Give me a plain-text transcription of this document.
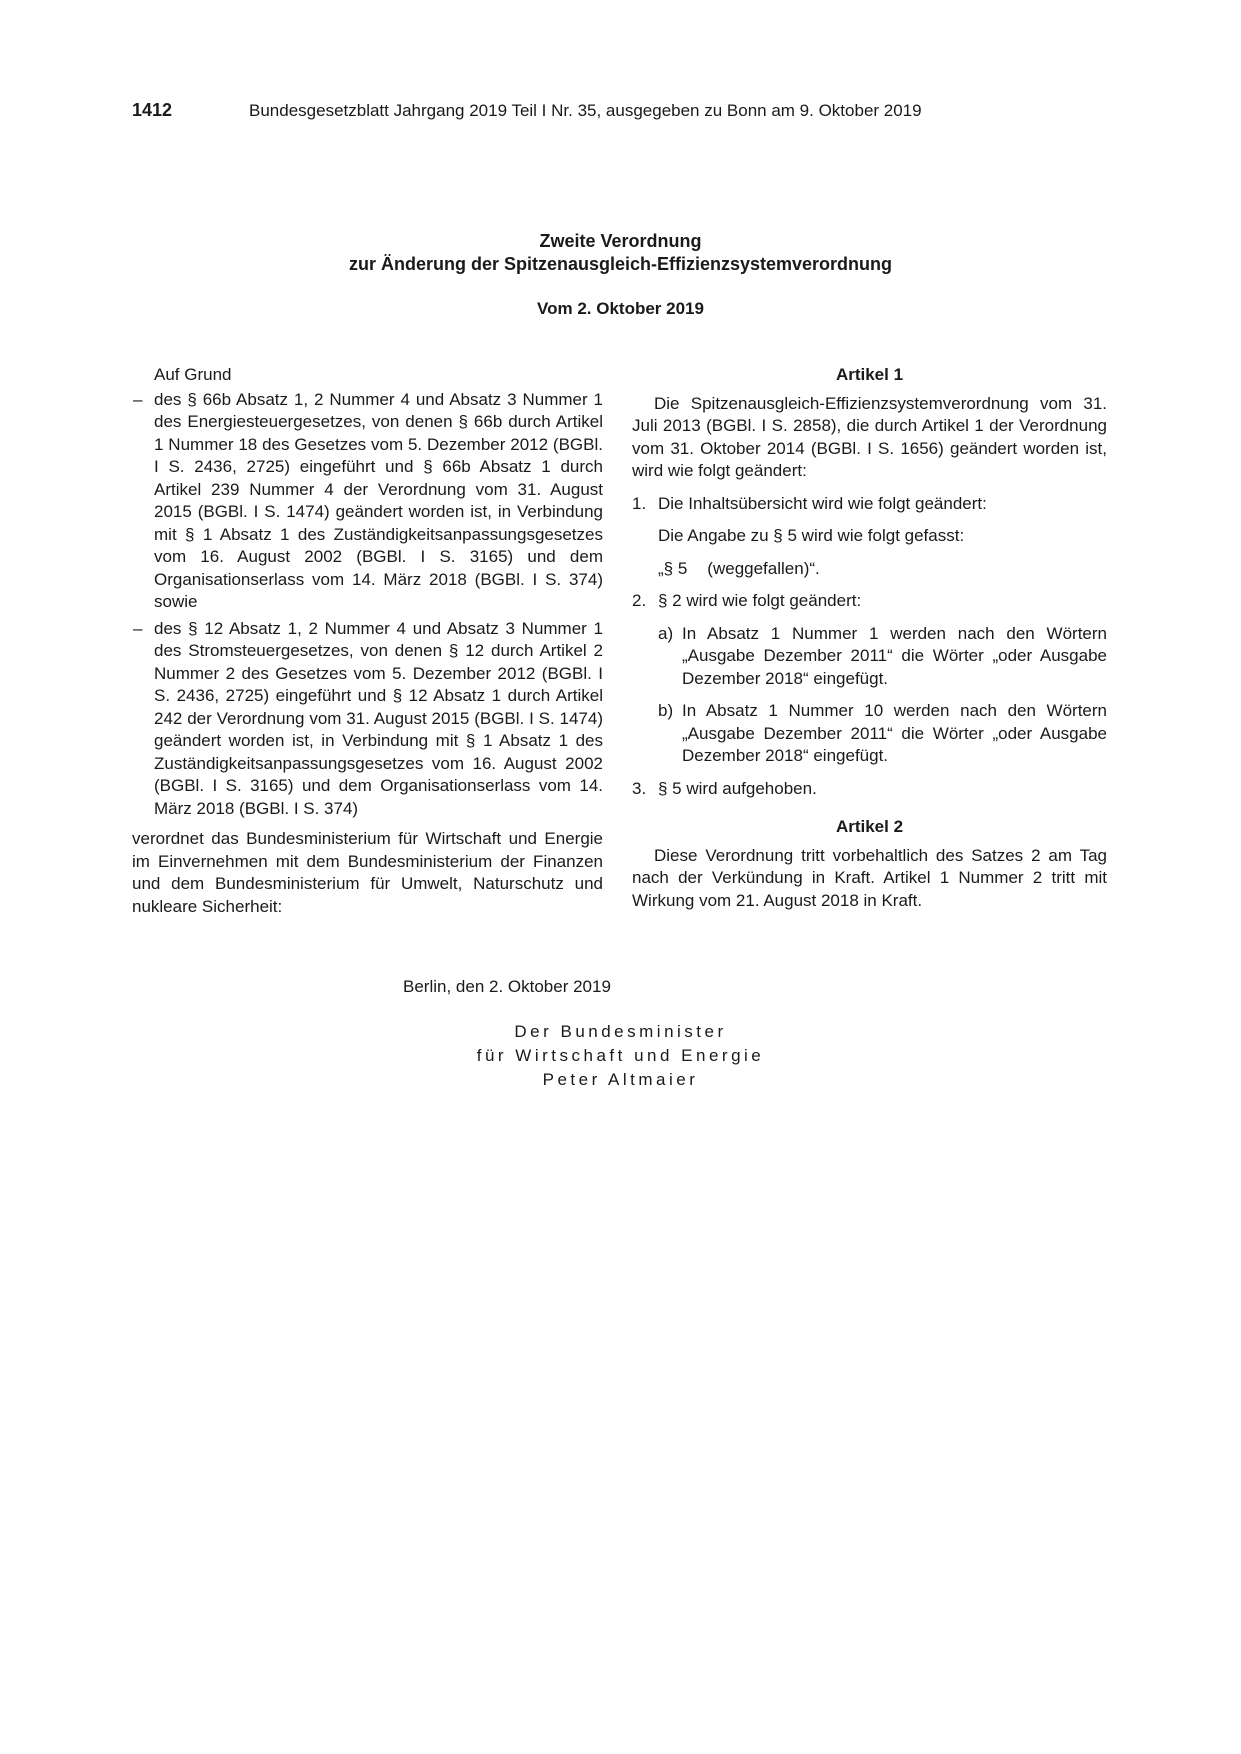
1412	Bundesgesetzblatt Jahrgang 2019 Teil I Nr. 35, ausgegeben zu Bonn am 9. Oktober 2019
Zweite Verordnung
zur Änderung der Spitzenausgleich-Effizienzsystemverordnung
Vom 2. Oktober 2019

Auf Grund

– des § 66b Absatz 1, 2 Nummer 4 und Absatz 3 Nummer 1 des Energiesteuergesetzes, von denen § 66b durch Artikel 1 Nummer 18 des Gesetzes vom 5. Dezember 2012 (BGBl. I S. 2436, 2725) eingeführt und § 66b Absatz 1 durch Artikel 239 Nummer 4 der Verordnung vom 31. August 2015 (BGBl. I S. 1474) geändert worden ist, in Verbindung mit § 1 Absatz 1 des Zuständigkeitsanpassungsgesetzes vom 16. August 2002 (BGBl. I S. 3165) und dem Organisationserlass vom 14. März 2018 (BGBl. I S. 374) sowie

– des § 12 Absatz 1, 2 Nummer 4 und Absatz 3 Nummer 1 des Stromsteuergesetzes, von denen § 12 durch Artikel 2 Nummer 2 des Gesetzes vom 5. Dezember 2012 (BGBl. I S. 2436, 2725) eingeführt und § 12 Absatz 1 durch Artikel 242 der Verordnung vom 31. August 2015 (BGBl. I S. 1474) geändert worden ist, in Verbindung mit § 1 Absatz 1 des Zuständigkeitsanpassungsgesetzes vom 16. August 2002 (BGBl. I S. 3165) und dem Organisationserlass vom 14. März 2018 (BGBl. I S. 374)

verordnet das Bundesministerium für Wirtschaft und Energie im Einvernehmen mit dem Bundesministerium der Finanzen und dem Bundesministerium für Umwelt, Naturschutz und nukleare Sicherheit:

Artikel 1

Die Spitzenausgleich-Effizienzsystemverordnung vom 31. Juli 2013 (BGBl. I S. 2858), die durch Artikel 1 der Verordnung vom 31. Oktober 2014 (BGBl. I S. 1656) geändert worden ist, wird wie folgt geändert:

1. Die Inhaltsübersicht wird wie folgt geändert:

Die Angabe zu § 5 wird wie folgt gefasst:

„§ 5 (weggefallen)“.

2. § 2 wird wie folgt geändert:

a) In Absatz 1 Nummer 1 werden nach den Wörtern „Ausgabe Dezember 2011“ die Wörter „oder Ausgabe Dezember 2018“ eingefügt.

b) In Absatz 1 Nummer 10 werden nach den Wörtern „Ausgabe Dezember 2011“ die Wörter „oder Ausgabe Dezember 2018“ eingefügt.

3. § 5 wird aufgehoben.

Artikel 2

Diese Verordnung tritt vorbehaltlich des Satzes 2 am Tag nach der Verkündung in Kraft. Artikel 1 Nummer 2 tritt mit Wirkung vom 21. August 2018 in Kraft.

Berlin, den 2. Oktober 2019
Der Bundesminister
für Wirtschaft und Energie
Peter Altmaier
